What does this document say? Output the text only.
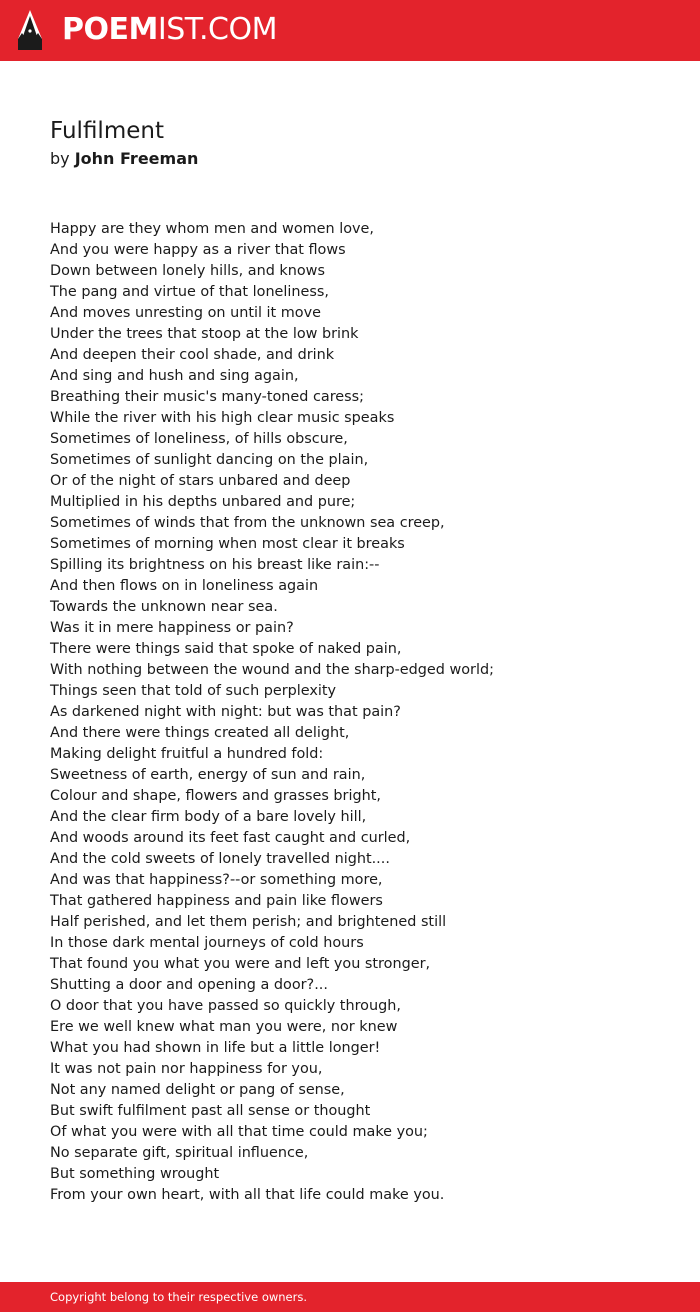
POEMIST.COM
Fulfilment
by John Freeman
Happy are they whom men and women love,
And you were happy as a river that flows
Down between lonely hills, and knows
The pang and virtue of that loneliness,
And moves unresting on until it move
Under the trees that stoop at the low brink
And deepen their cool shade, and drink
And sing and hush and sing again,
Breathing their music's many-toned caress;
While the river with his high clear music speaks
Sometimes of loneliness, of hills obscure,
Sometimes of sunlight dancing on the plain,
Or of the night of stars unbared and deep
Multiplied in his depths unbared and pure;
Sometimes of winds that from the unknown sea creep,
Sometimes of morning when most clear it breaks
Spilling its brightness on his breast like rain:--
And then flows on in loneliness again
Towards the unknown near sea.
Was it in mere happiness or pain?
There were things said that spoke of naked pain,
With nothing between the wound and the sharp-edged world;
Things seen that told of such perplexity
As darkened night with night: but was that pain?
And there were things created all delight,
Making delight fruitful a hundred fold:
Sweetness of earth, energy of sun and rain,
Colour and shape, flowers and grasses bright,
And the clear firm body of a bare lovely hill,
And woods around its feet fast caught and curled,
And the cold sweets of lonely travelled night....
And was that happiness?--or something more,
That gathered happiness and pain like flowers
Half perished, and let them perish; and brightened still
In those dark mental journeys of cold hours
That found you what you were and left you stronger,
Shutting a door and opening a door?...
O door that you have passed so quickly through,
Ere we well knew what man you were, nor knew
What you had shown in life but a little longer!
It was not pain nor happiness for you,
Not any named delight or pang of sense,
But swift fulfilment past all sense or thought
Of what you were with all that time could make you;
No separate gift, spiritual influence,
But something wrought
From your own heart, with all that life could make you.
Copyright belong to their respective owners.
